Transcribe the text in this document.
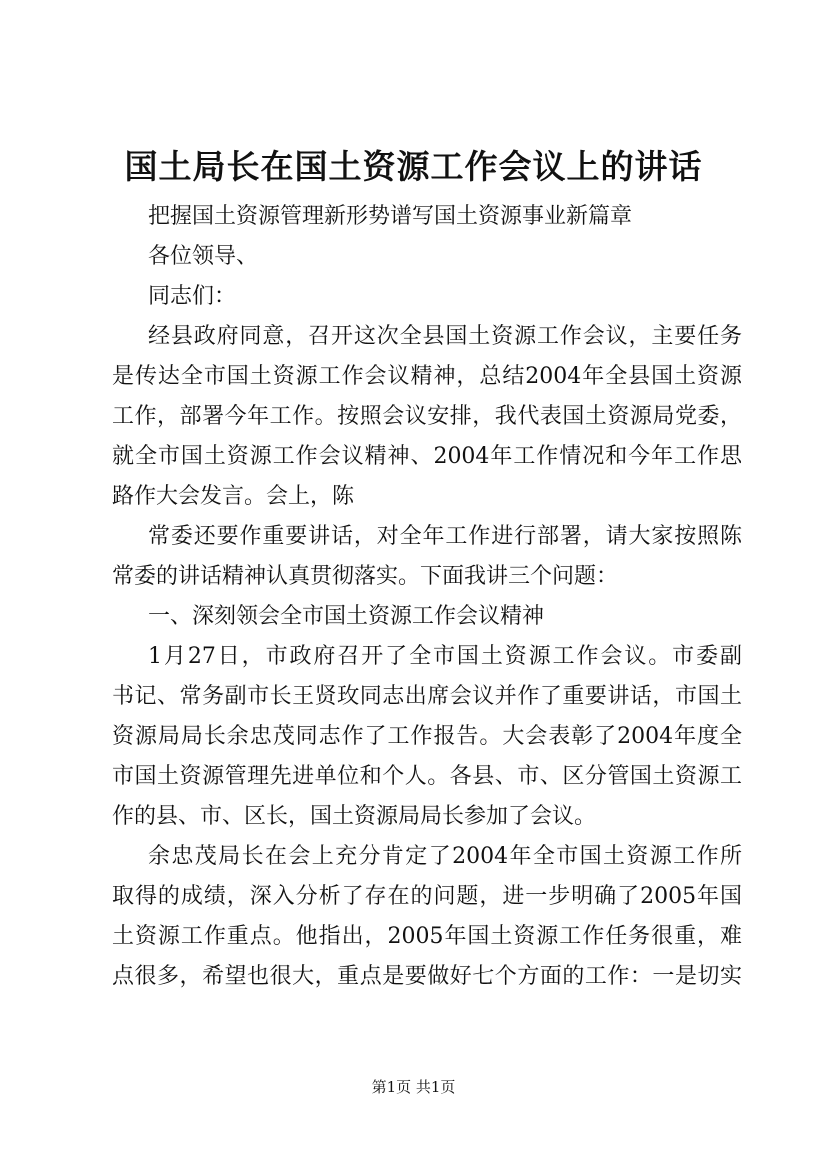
国土局长在国土资源工作会议上的讲话

把握国土资源管理新形势谱写国土资源事业新篇章

各位领导、

同志们：

经县政府同意，召开这次全县国土资源工作会议，主要任务

是传达全市国土资源工作会议精神，总结2004年全县国土资源

工作，部署今年工作。按照会议安排，我代表国土资源局党委，

就全市国土资源工作会议精神、2004年工作情况和今年工作思

路作大会发言。会上，陈

常委还要作重要讲话，对全年工作进行部署，请大家按照陈

常委的讲话精神认真贯彻落实。下面我讲三个问题：

一、深刻领会全市国土资源工作会议精神

1月27日，市政府召开了全市国土资源工作会议。市委副

书记、常务副市长王贤玫同志出席会议并作了重要讲话，市国土

资源局局长余忠茂同志作了工作报告。大会表彰了2004年度全

市国土资源管理先进单位和个人。各县、市、区分管国土资源工

作的县、市、区长，国土资源局局长参加了会议。

余忠茂局长在会上充分肯定了2004年全市国土资源工作所

取得的成绩，深入分析了存在的问题，进一步明确了2005年国

土资源工作重点。他指出，2005年国土资源工作任务很重，难

点很多，希望也很大，重点是要做好七个方面的工作：一是切实

第1页 共1页
